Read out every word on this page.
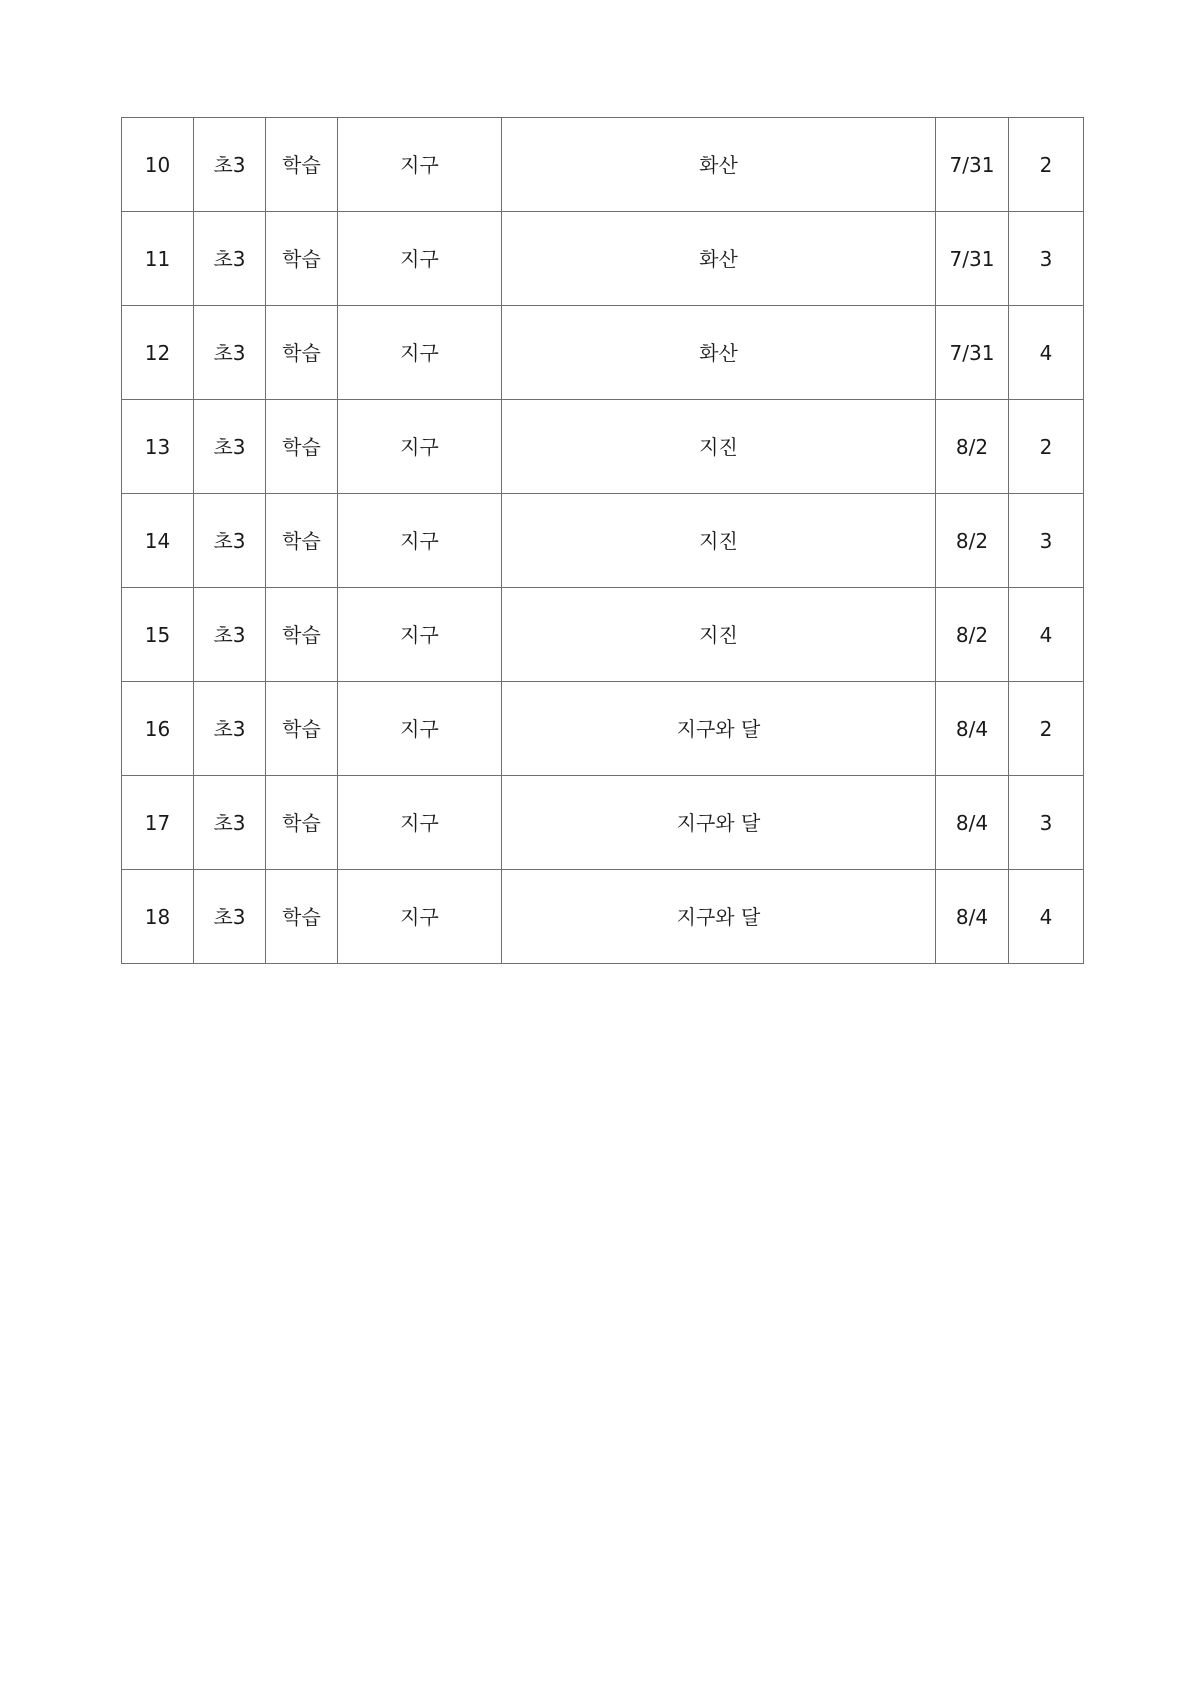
10	초3	학습	지구	화산	7/31	2
11	초3	학습	지구	화산	7/31	3
12	초3	학습	지구	화산	7/31	4
13	초3	학습	지구	지진	8/2	2
14	초3	학습	지구	지진	8/2	3
15	초3	학습	지구	지진	8/2	4
16	초3	학습	지구	지구와 달	8/4	2
17	초3	학습	지구	지구와 달	8/4	3
18	초3	학습	지구	지구와 달	8/4	4
